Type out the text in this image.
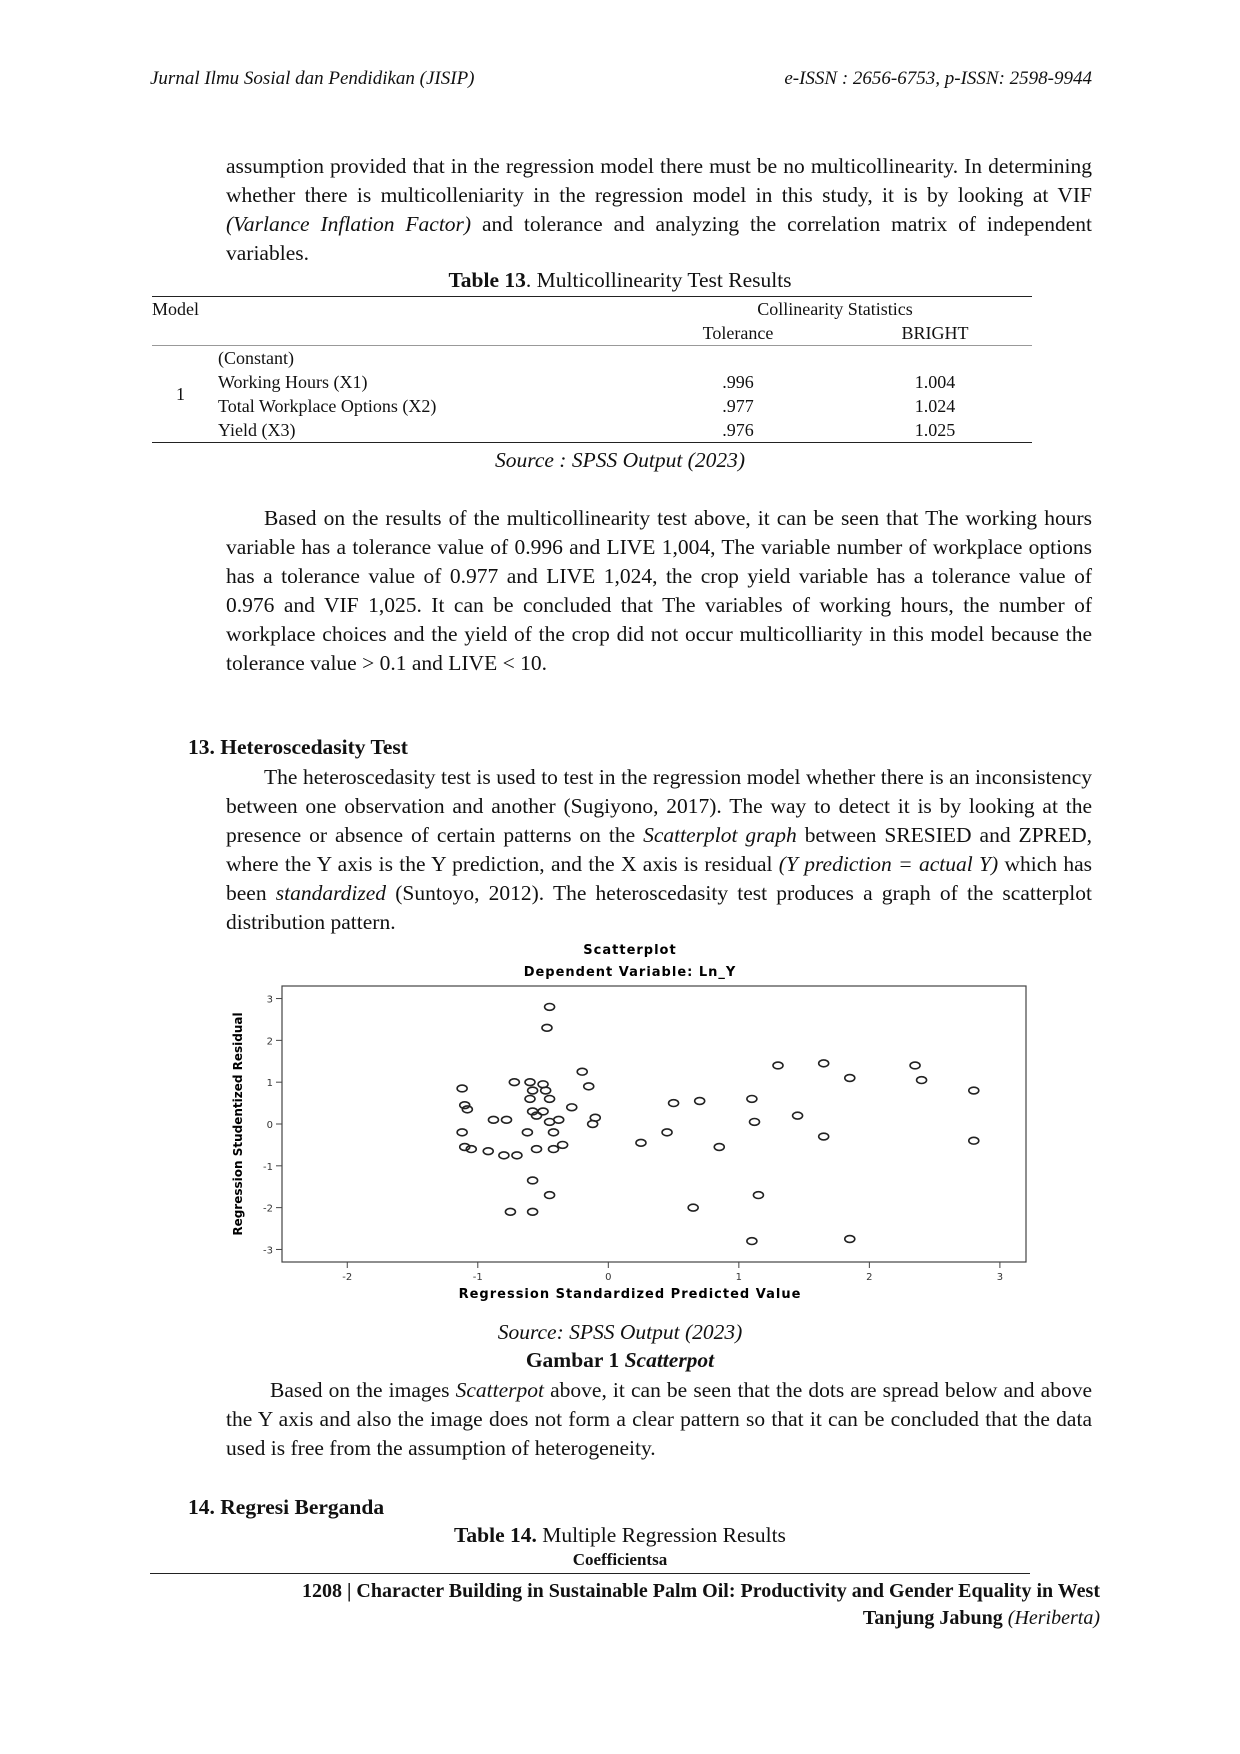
Jurnal Ilmu Sosial dan Pendidikan (JISIP)	e-ISSN : 2656-6753, p-ISSN: 2598-9944

assumption provided that in the regression model there must be no multicollinearity. In determining whether there is multicolleniarity in the regression model in this study, it is by looking at VIF (Varlance Inflation Factor) and tolerance and analyzing the correlation matrix of independent variables.

Table 13. Multicollinearity Test Results
Model		Collinearity Statistics	
		Tolerance	BRIGHT
1	(Constant)		
	Working Hours (X1)	.996	1.004
	Total Workplace Options (X2)	.977	1.024
	Yield (X3)	.976	1.025
Source : SPSS Output (2023)

Based on the results of the multicollinearity test above, it can be seen that The working hours variable has a tolerance value of 0.996 and LIVE 1,004, The variable number of workplace options has a tolerance value of 0.977 and LIVE 1,024, the crop yield variable has a tolerance value of 0.976 and VIF 1,025. It can be concluded that The variables of working hours, the number of workplace choices and the yield of the crop did not occur multicolliarity in this model because the tolerance value > 0.1 and LIVE < 10.

13. Heteroscedasity Test

The heteroscedasity test is used to test in the regression model whether there is an inconsistency between one observation and another (Sugiyono, 2017). The way to detect it is by looking at the presence or absence of certain patterns on the Scatterplot graph between SRESIED and ZPRED, where the Y axis is the Y prediction, and the X axis is residual (Y prediction = actual Y) which has been standardized (Suntoyo, 2012). The heteroscedasity test produces a graph of the scatterplot distribution pattern.

Scatterplot
Dependent Variable: Ln_Y
-3
-2
-1
0
1
2
3
-2	-1	0	1	2	3
Regression Standardized Predicted Value
Regression Studentized Residual
Source: SPSS Output (2023)
Gambar 1 Scatterpot

Based on the images Scatterpot above, it can be seen that the dots are spread below and above the Y axis and also the image does not form a clear pattern so that it can be concluded that the data used is free from the assumption of heterogeneity.

14. Regresi Berganda
Table 14. Multiple Regression Results
Coefficientsa
1208 | Character Building in Sustainable Palm Oil: Productivity and Gender Equality in West
Tanjung Jabung (Heriberta)
